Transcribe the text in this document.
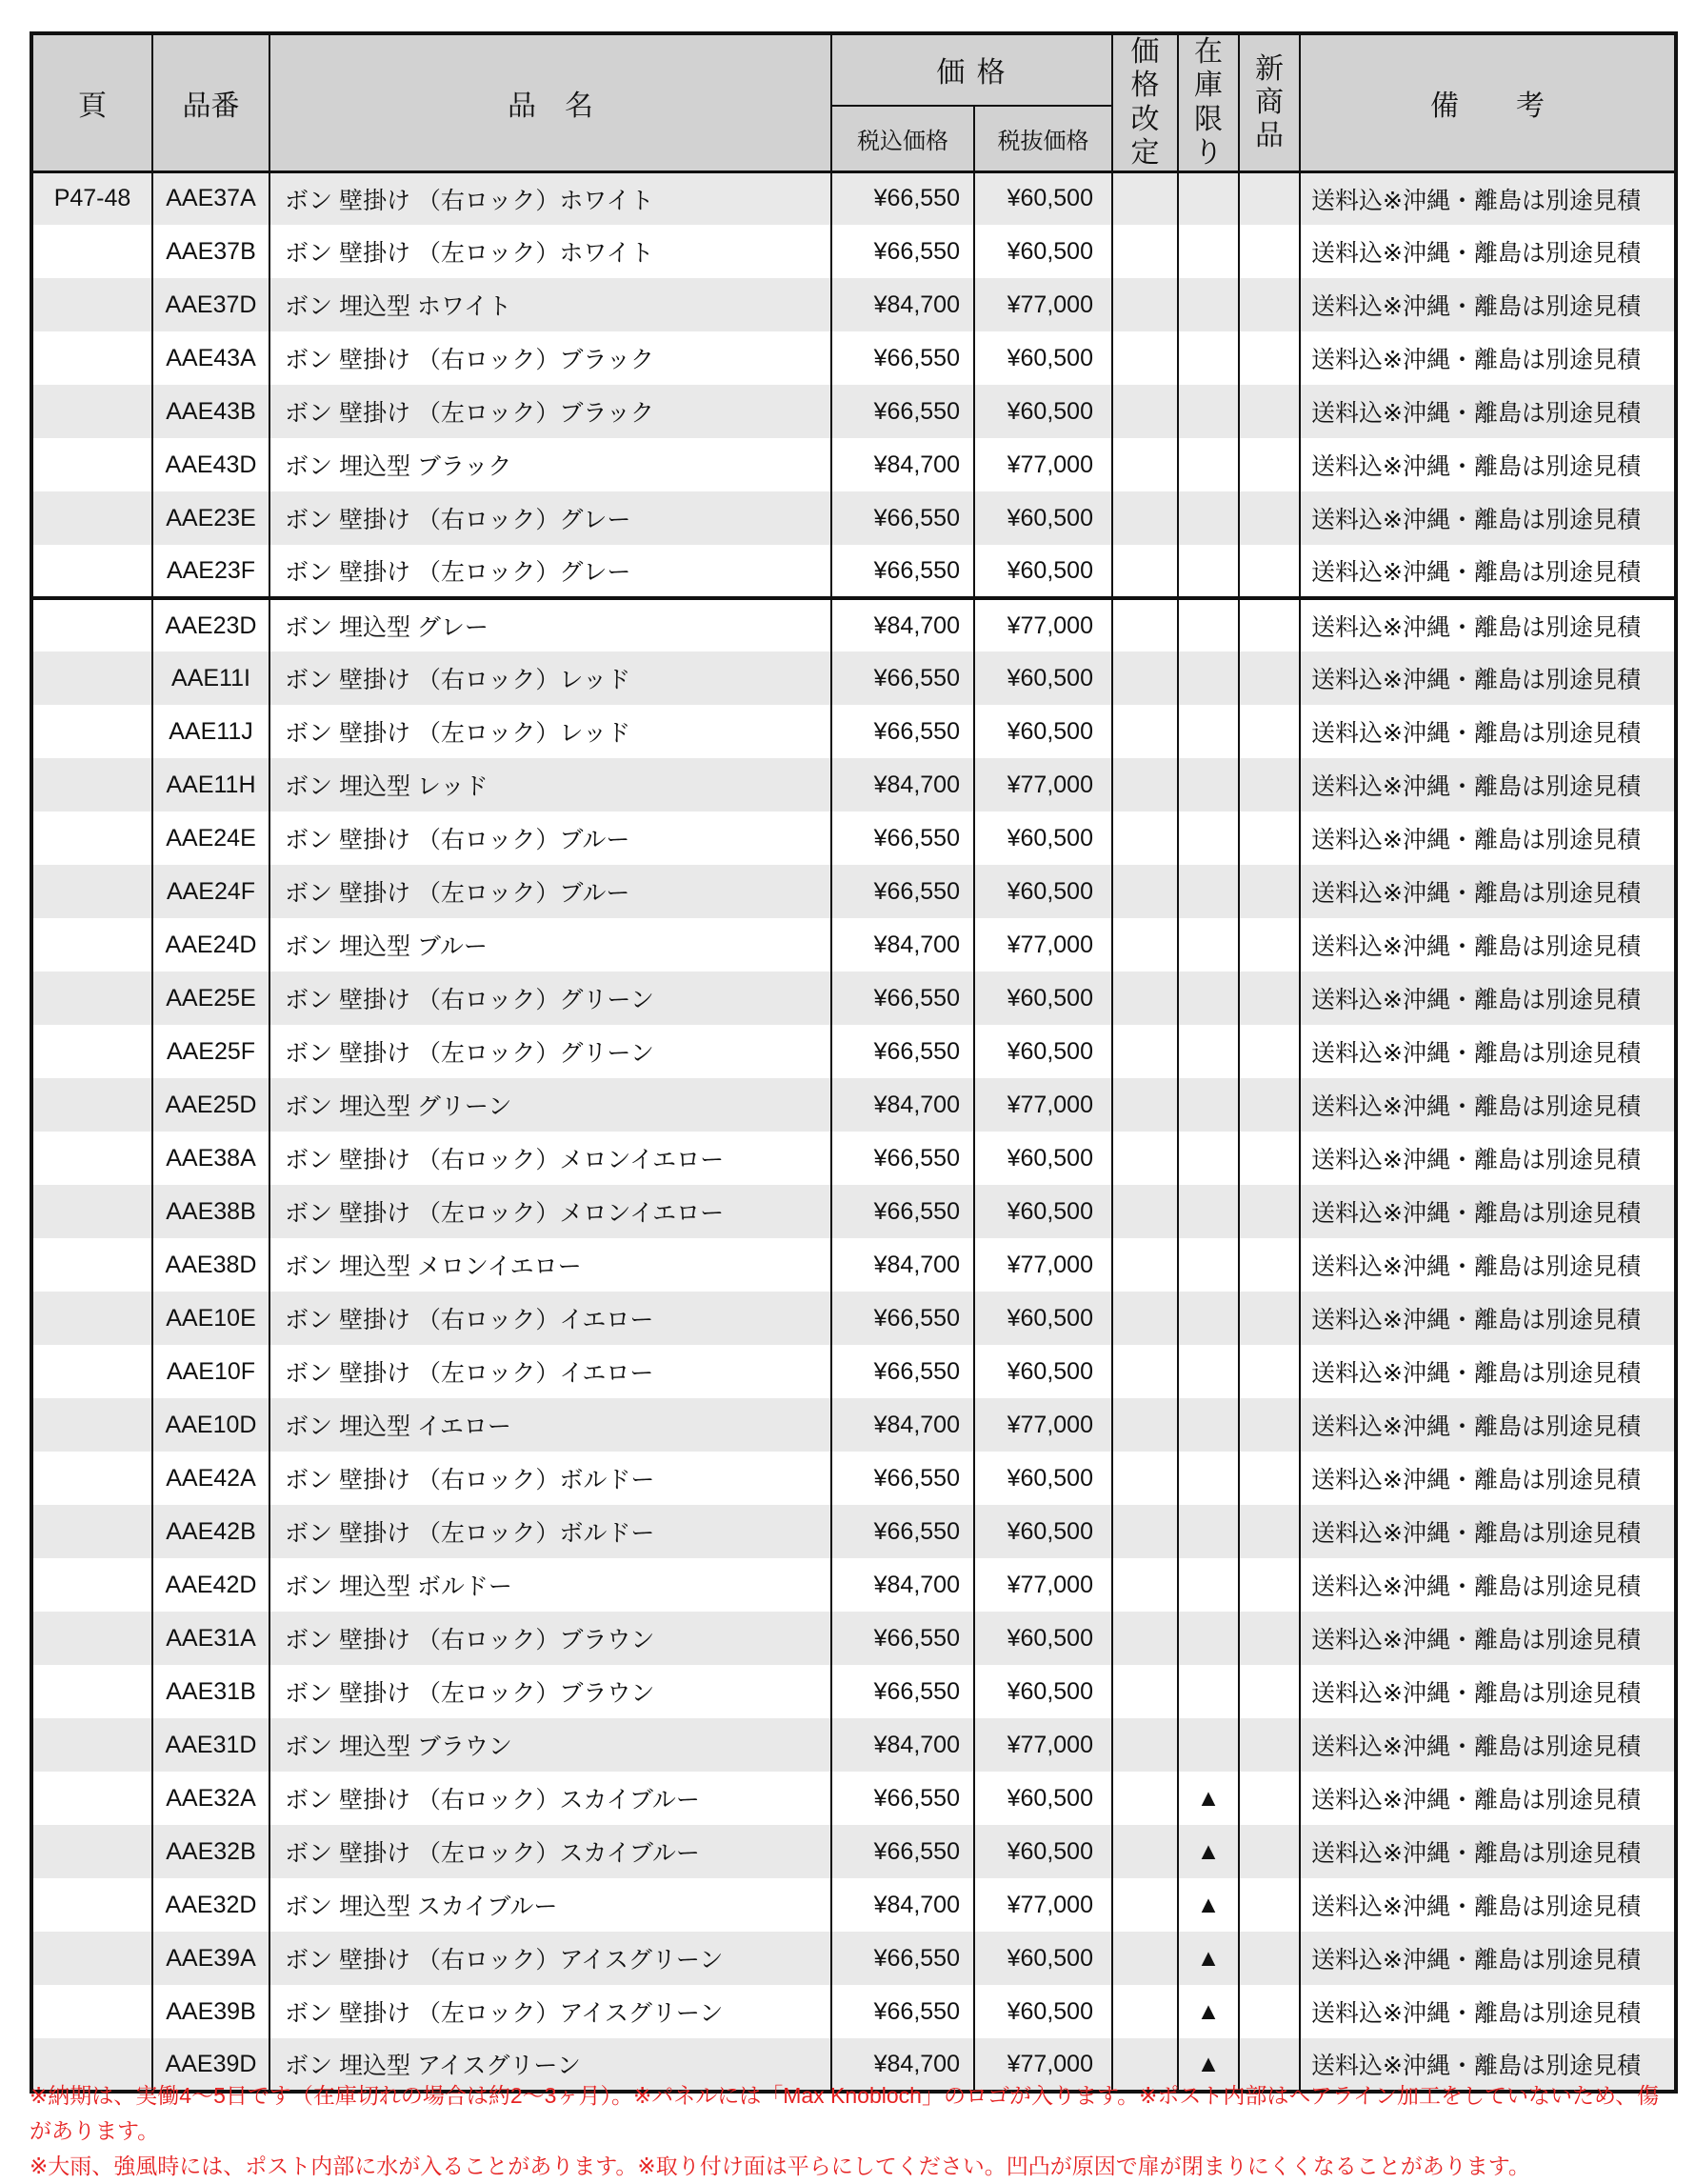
頁	品番	品　名	価 格		価格改定	在庫限り	新商品	備　　考
			税込価格	税抜価格				
P47-48	AAE37A	ボン 壁掛け （右ロック）ホワイト	¥66,550	¥60,500				送料込※沖縄・離島は別途見積
	AAE37B	ボン 壁掛け （左ロック）ホワイト	¥66,550	¥60,500				送料込※沖縄・離島は別途見積
	AAE37D	ボン 埋込型 ホワイト	¥84,700	¥77,000				送料込※沖縄・離島は別途見積
	AAE43A	ボン 壁掛け （右ロック）ブラック	¥66,550	¥60,500				送料込※沖縄・離島は別途見積
	AAE43B	ボン 壁掛け （左ロック）ブラック	¥66,550	¥60,500				送料込※沖縄・離島は別途見積
	AAE43D	ボン 埋込型 ブラック	¥84,700	¥77,000				送料込※沖縄・離島は別途見積
	AAE23E	ボン 壁掛け （右ロック）グレー	¥66,550	¥60,500				送料込※沖縄・離島は別途見積
	AAE23F	ボン 壁掛け （左ロック）グレー	¥66,550	¥60,500				送料込※沖縄・離島は別途見積
	AAE23D	ボン 埋込型 グレー	¥84,700	¥77,000				送料込※沖縄・離島は別途見積
	AAE11I	ボン 壁掛け （右ロック）レッド	¥66,550	¥60,500				送料込※沖縄・離島は別途見積
	AAE11J	ボン 壁掛け （左ロック）レッド	¥66,550	¥60,500				送料込※沖縄・離島は別途見積
	AAE11H	ボン 埋込型 レッド	¥84,700	¥77,000				送料込※沖縄・離島は別途見積
	AAE24E	ボン 壁掛け （右ロック）ブルー	¥66,550	¥60,500				送料込※沖縄・離島は別途見積
	AAE24F	ボン 壁掛け （左ロック）ブルー	¥66,550	¥60,500				送料込※沖縄・離島は別途見積
	AAE24D	ボン 埋込型 ブルー	¥84,700	¥77,000				送料込※沖縄・離島は別途見積
	AAE25E	ボン 壁掛け （右ロック）グリーン	¥66,550	¥60,500				送料込※沖縄・離島は別途見積
	AAE25F	ボン 壁掛け （左ロック）グリーン	¥66,550	¥60,500				送料込※沖縄・離島は別途見積
	AAE25D	ボン 埋込型 グリーン	¥84,700	¥77,000				送料込※沖縄・離島は別途見積
	AAE38A	ボン 壁掛け （右ロック）メロンイエロー	¥66,550	¥60,500				送料込※沖縄・離島は別途見積
	AAE38B	ボン 壁掛け （左ロック）メロンイエロー	¥66,550	¥60,500				送料込※沖縄・離島は別途見積
	AAE38D	ボン 埋込型 メロンイエロー	¥84,700	¥77,000				送料込※沖縄・離島は別途見積
	AAE10E	ボン 壁掛け （右ロック）イエロー	¥66,550	¥60,500				送料込※沖縄・離島は別途見積
	AAE10F	ボン 壁掛け （左ロック）イエロー	¥66,550	¥60,500				送料込※沖縄・離島は別途見積
	AAE10D	ボン 埋込型 イエロー	¥84,700	¥77,000				送料込※沖縄・離島は別途見積
	AAE42A	ボン 壁掛け （右ロック）ボルドー	¥66,550	¥60,500				送料込※沖縄・離島は別途見積
	AAE42B	ボン 壁掛け （左ロック）ボルドー	¥66,550	¥60,500				送料込※沖縄・離島は別途見積
	AAE42D	ボン 埋込型 ボルドー	¥84,700	¥77,000				送料込※沖縄・離島は別途見積
	AAE31A	ボン 壁掛け （右ロック）ブラウン	¥66,550	¥60,500				送料込※沖縄・離島は別途見積
	AAE31B	ボン 壁掛け （左ロック）ブラウン	¥66,550	¥60,500				送料込※沖縄・離島は別途見積
	AAE31D	ボン 埋込型 ブラウン	¥84,700	¥77,000				送料込※沖縄・離島は別途見積
	AAE32A	ボン 壁掛け （右ロック）スカイブルー	¥66,550	¥60,500		▲		送料込※沖縄・離島は別途見積
	AAE32B	ボン 壁掛け （左ロック）スカイブルー	¥66,550	¥60,500		▲		送料込※沖縄・離島は別途見積
	AAE32D	ボン 埋込型 スカイブルー	¥84,700	¥77,000		▲		送料込※沖縄・離島は別途見積
	AAE39A	ボン 壁掛け （右ロック）アイスグリーン	¥66,550	¥60,500		▲		送料込※沖縄・離島は別途見積
	AAE39B	ボン 壁掛け （左ロック）アイスグリーン	¥66,550	¥60,500		▲		送料込※沖縄・離島は別途見積
	AAE39D	ボン 埋込型 アイスグリーン	¥84,700	¥77,000		▲		送料込※沖縄・離島は別途見積
※納期は、実働4～5日です（在庫切れの場合は約2～3ヶ月）。※パネルには「Max Knobloch」のロゴが入ります。※ポスト内部はヘアライン加工をしていないため、傷があります。
※大雨、強風時には、ポスト内部に水が入ることがあります。※取り付け面は平らにしてください。凹凸が原因で扉が閉まりにくくなることがあります。
